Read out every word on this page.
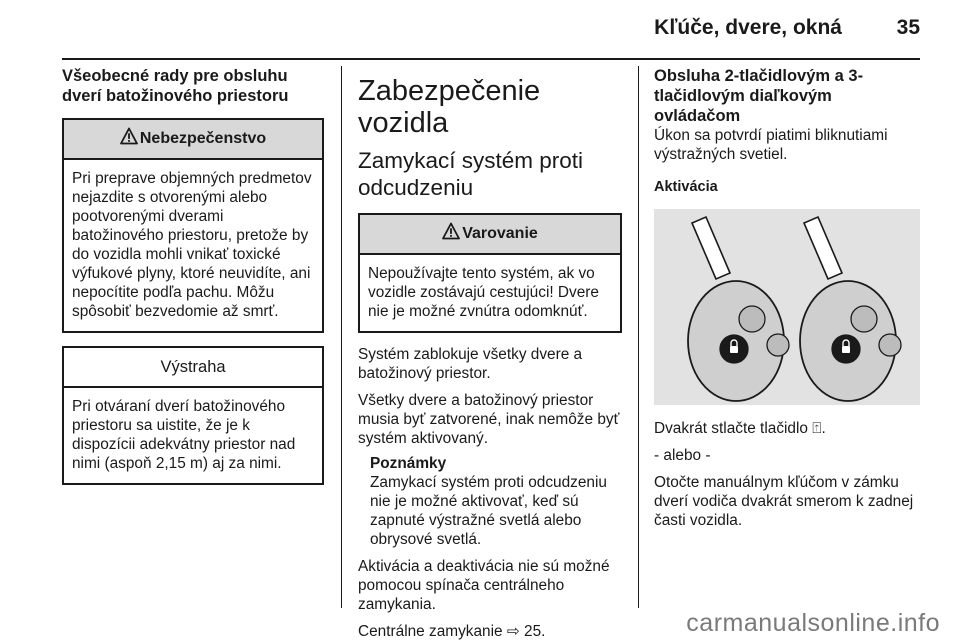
Kľúče, dvere, okná	35
Všeobecné rady pre obsluhu dverí batožinového priestoru
Nebezpečenstvo
Pri preprave objemných predmetov nejazdite s otvorenými alebo pootvorenými dverami batožinového priestoru, pretože by do vozidla mohli vnikať toxické výfukové plyny, ktoré neuvidíte, ani nepocítite podľa pachu. Môžu spôsobiť bezvedomie až smrť.
Výstraha
Pri otváraní dverí batožinového priestoru sa uistite, že je k dispozícii adekvátny priestor nad nimi (aspoň 2,15 m) aj za nimi.
Zabezpečenie vozidla
Zamykací systém proti odcudzeniu
Varovanie
Nepoužívajte tento systém, ak vo vozidle zostávajú cestujúci! Dvere nie je možné zvnútra odomknúť.

Systém zablokuje všetky dvere a batožinový priestor.

Všetky dvere a batožinový priestor musia byť zatvorené, inak nemôže byť systém aktivovaný.

Poznámky

Zamykací systém proti odcudzeniu nie je možné aktivovať, keď sú zapnuté výstražné svetlá alebo obrysové svetlá.

Aktivácia a deaktivácia nie sú možné pomocou spínača centrálneho zamykania.

Centrálne zamykanie ⇨ 25.

Obsluha 2-tlačidlovým a 3-tlačidlovým diaľkovým ovládačom

Úkon sa potvrdí piatimi bliknutiami výstražných svetiel.

Aktivácia

Dvakrát stlačte tlačidlo ⍐.

- alebo -

Otočte manuálnym kľúčom v zámku dverí vodiča dvakrát smerom k zadnej časti vozidla.

carmanualsonline.info
